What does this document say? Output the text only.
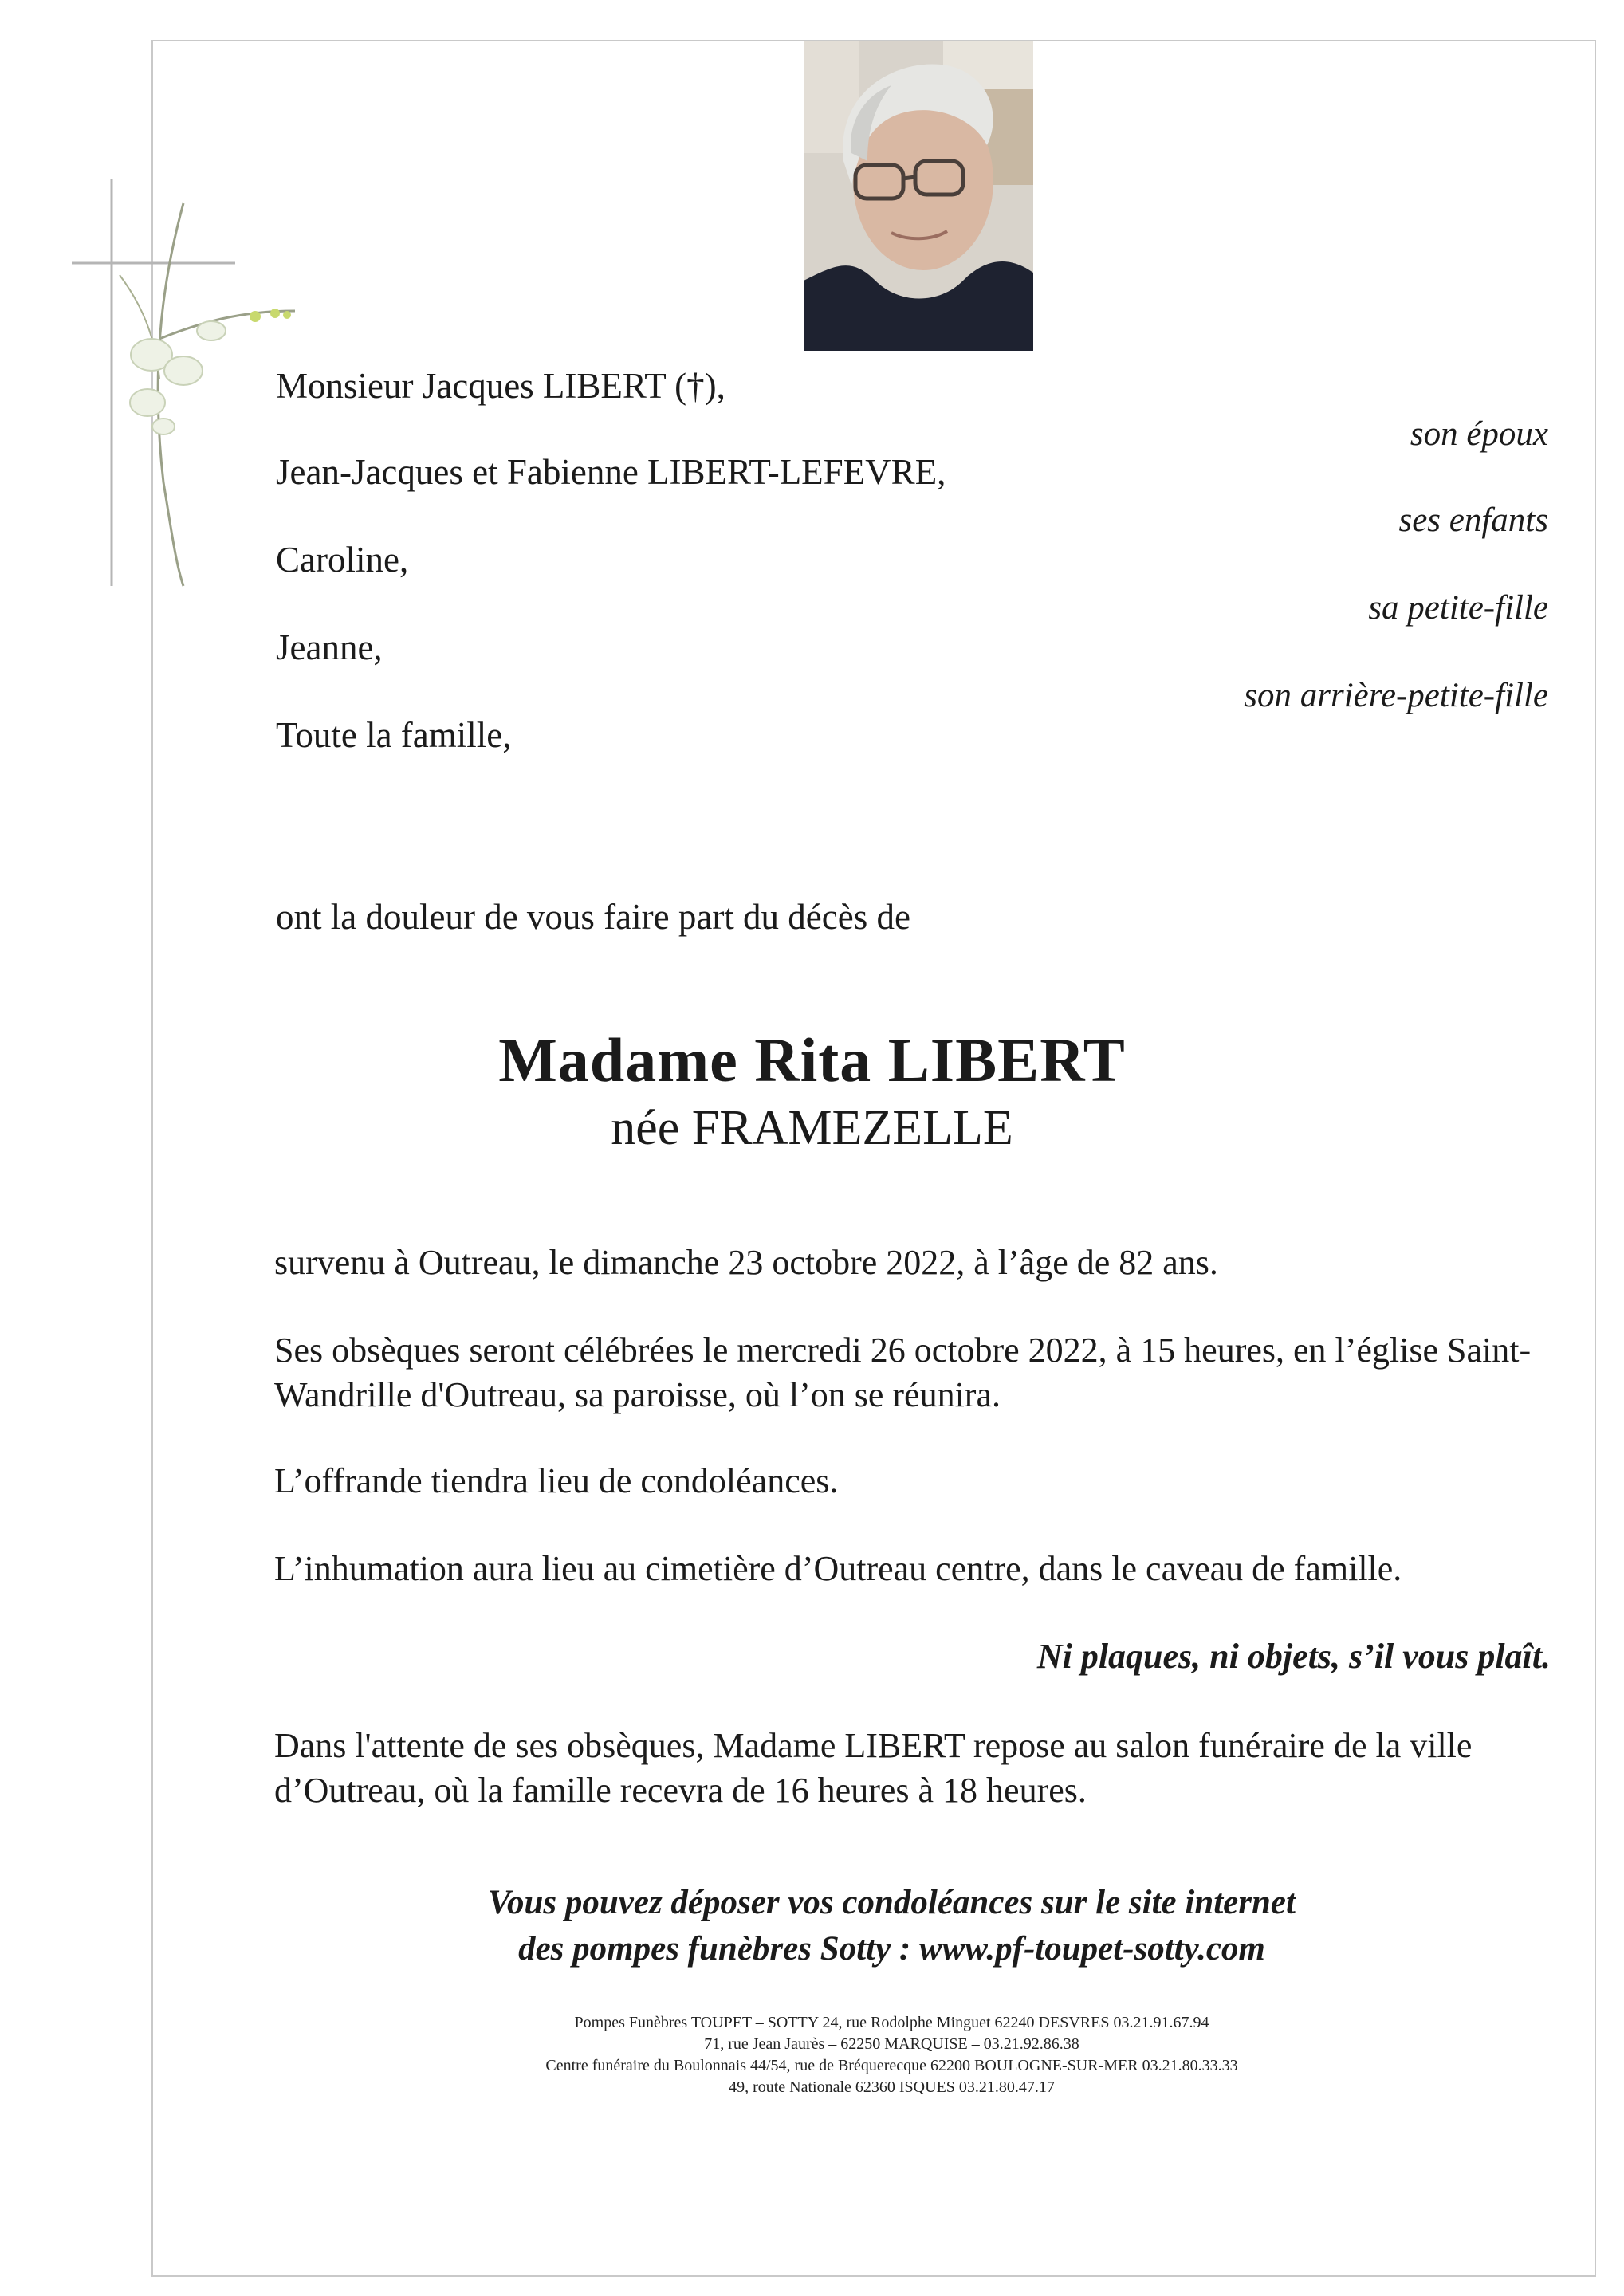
Monsieur Jacques LIBERT (†),
son époux
Jean-Jacques et Fabienne LIBERT-LEFEVRE,
ses enfants
Caroline,
sa petite-fille
Jeanne,
son arrière-petite-fille
Toute la famille,
ont la douleur de vous faire part du décès de
Madame Rita LIBERT
née FRAMEZELLE
survenu à Outreau, le dimanche 23 octobre 2022, à l’âge de 82 ans.
Ses obsèques seront célébrées le mercredi 26 octobre 2022, à 15 heures, en l’église Saint-Wandrille d'Outreau, sa paroisse, où l’on se réunira.
L’offrande tiendra lieu de condoléances.
L’inhumation aura lieu au cimetière d’Outreau centre, dans le caveau de famille.
Ni plaques, ni objets, s’il vous plaît.
Dans l'attente de ses obsèques, Madame LIBERT repose au salon funéraire de la ville d’Outreau, où la famille recevra de 16 heures à 18 heures.
Vous pouvez déposer vos condoléances sur le site internet
des pompes funèbres Sotty : www.pf-toupet-sotty.com
Pompes Funèbres TOUPET – SOTTY 24, rue Rodolphe Minguet 62240 DESVRES 03.21.91.67.94
71, rue Jean Jaurès – 62250 MARQUISE – 03.21.92.86.38
Centre funéraire du Boulonnais 44/54, rue de Bréquerecque 62200 BOULOGNE-SUR-MER 03.21.80.33.33
49, route Nationale 62360 ISQUES 03.21.80.47.17
